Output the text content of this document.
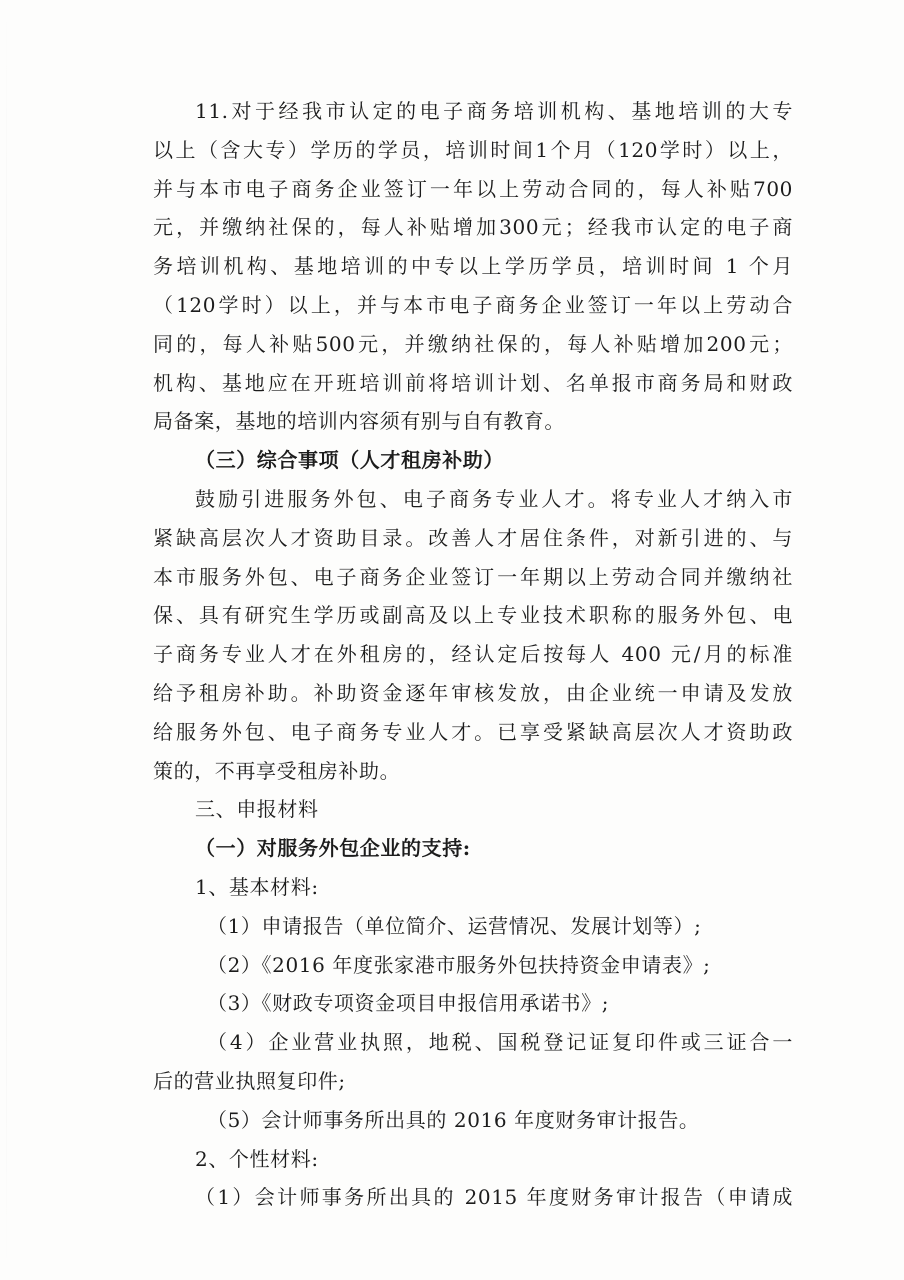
11.对于经我市认定的电子商务培训机构、基地培训的大专
以上（含大专）学历的学员，培训时间1个月（120学时）以上，
并与本市电子商务企业签订一年以上劳动合同的，每人补贴700
元，并缴纳社保的，每人补贴增加300元；经我市认定的电子商
务培训机构、基地培训的中专以上学历学员，培训时间 1 个月
（120学时）以上，并与本市电子商务企业签订一年以上劳动合
同的，每人补贴500元，并缴纳社保的，每人补贴增加200元；
机构、基地应在开班培训前将培训计划、名单报市商务局和财政
局备案，基地的培训内容须有别与自有教育。
（三）综合事项（人才租房补助）
鼓励引进服务外包、电子商务专业人才。将专业人才纳入市
紧缺高层次人才资助目录。改善人才居住条件，对新引进的、与
本市服务外包、电子商务企业签订一年期以上劳动合同并缴纳社
保、具有研究生学历或副高及以上专业技术职称的服务外包、电
子商务专业人才在外租房的，经认定后按每人 400 元/月的标准
给予租房补助。补助资金逐年审核发放，由企业统一申请及发放
给服务外包、电子商务专业人才。已享受紧缺高层次人才资助政
策的，不再享受租房补助。
三、申报材料
（一）对服务外包企业的支持:
1、基本材料:
（1）申请报告（单位简介、运营情况、发展计划等）;
（2）《2016 年度张家港市服务外包扶持资金申请表》;
（3）《财政专项资金项目申报信用承诺书》;
（4）企业营业执照，地税、国税登记证复印件或三证合一
后的营业执照复印件;
（5）会计师事务所出具的 2016 年度财务审计报告。
2、个性材料:
（1）会计师事务所出具的 2015 年度财务审计报告（申请成
